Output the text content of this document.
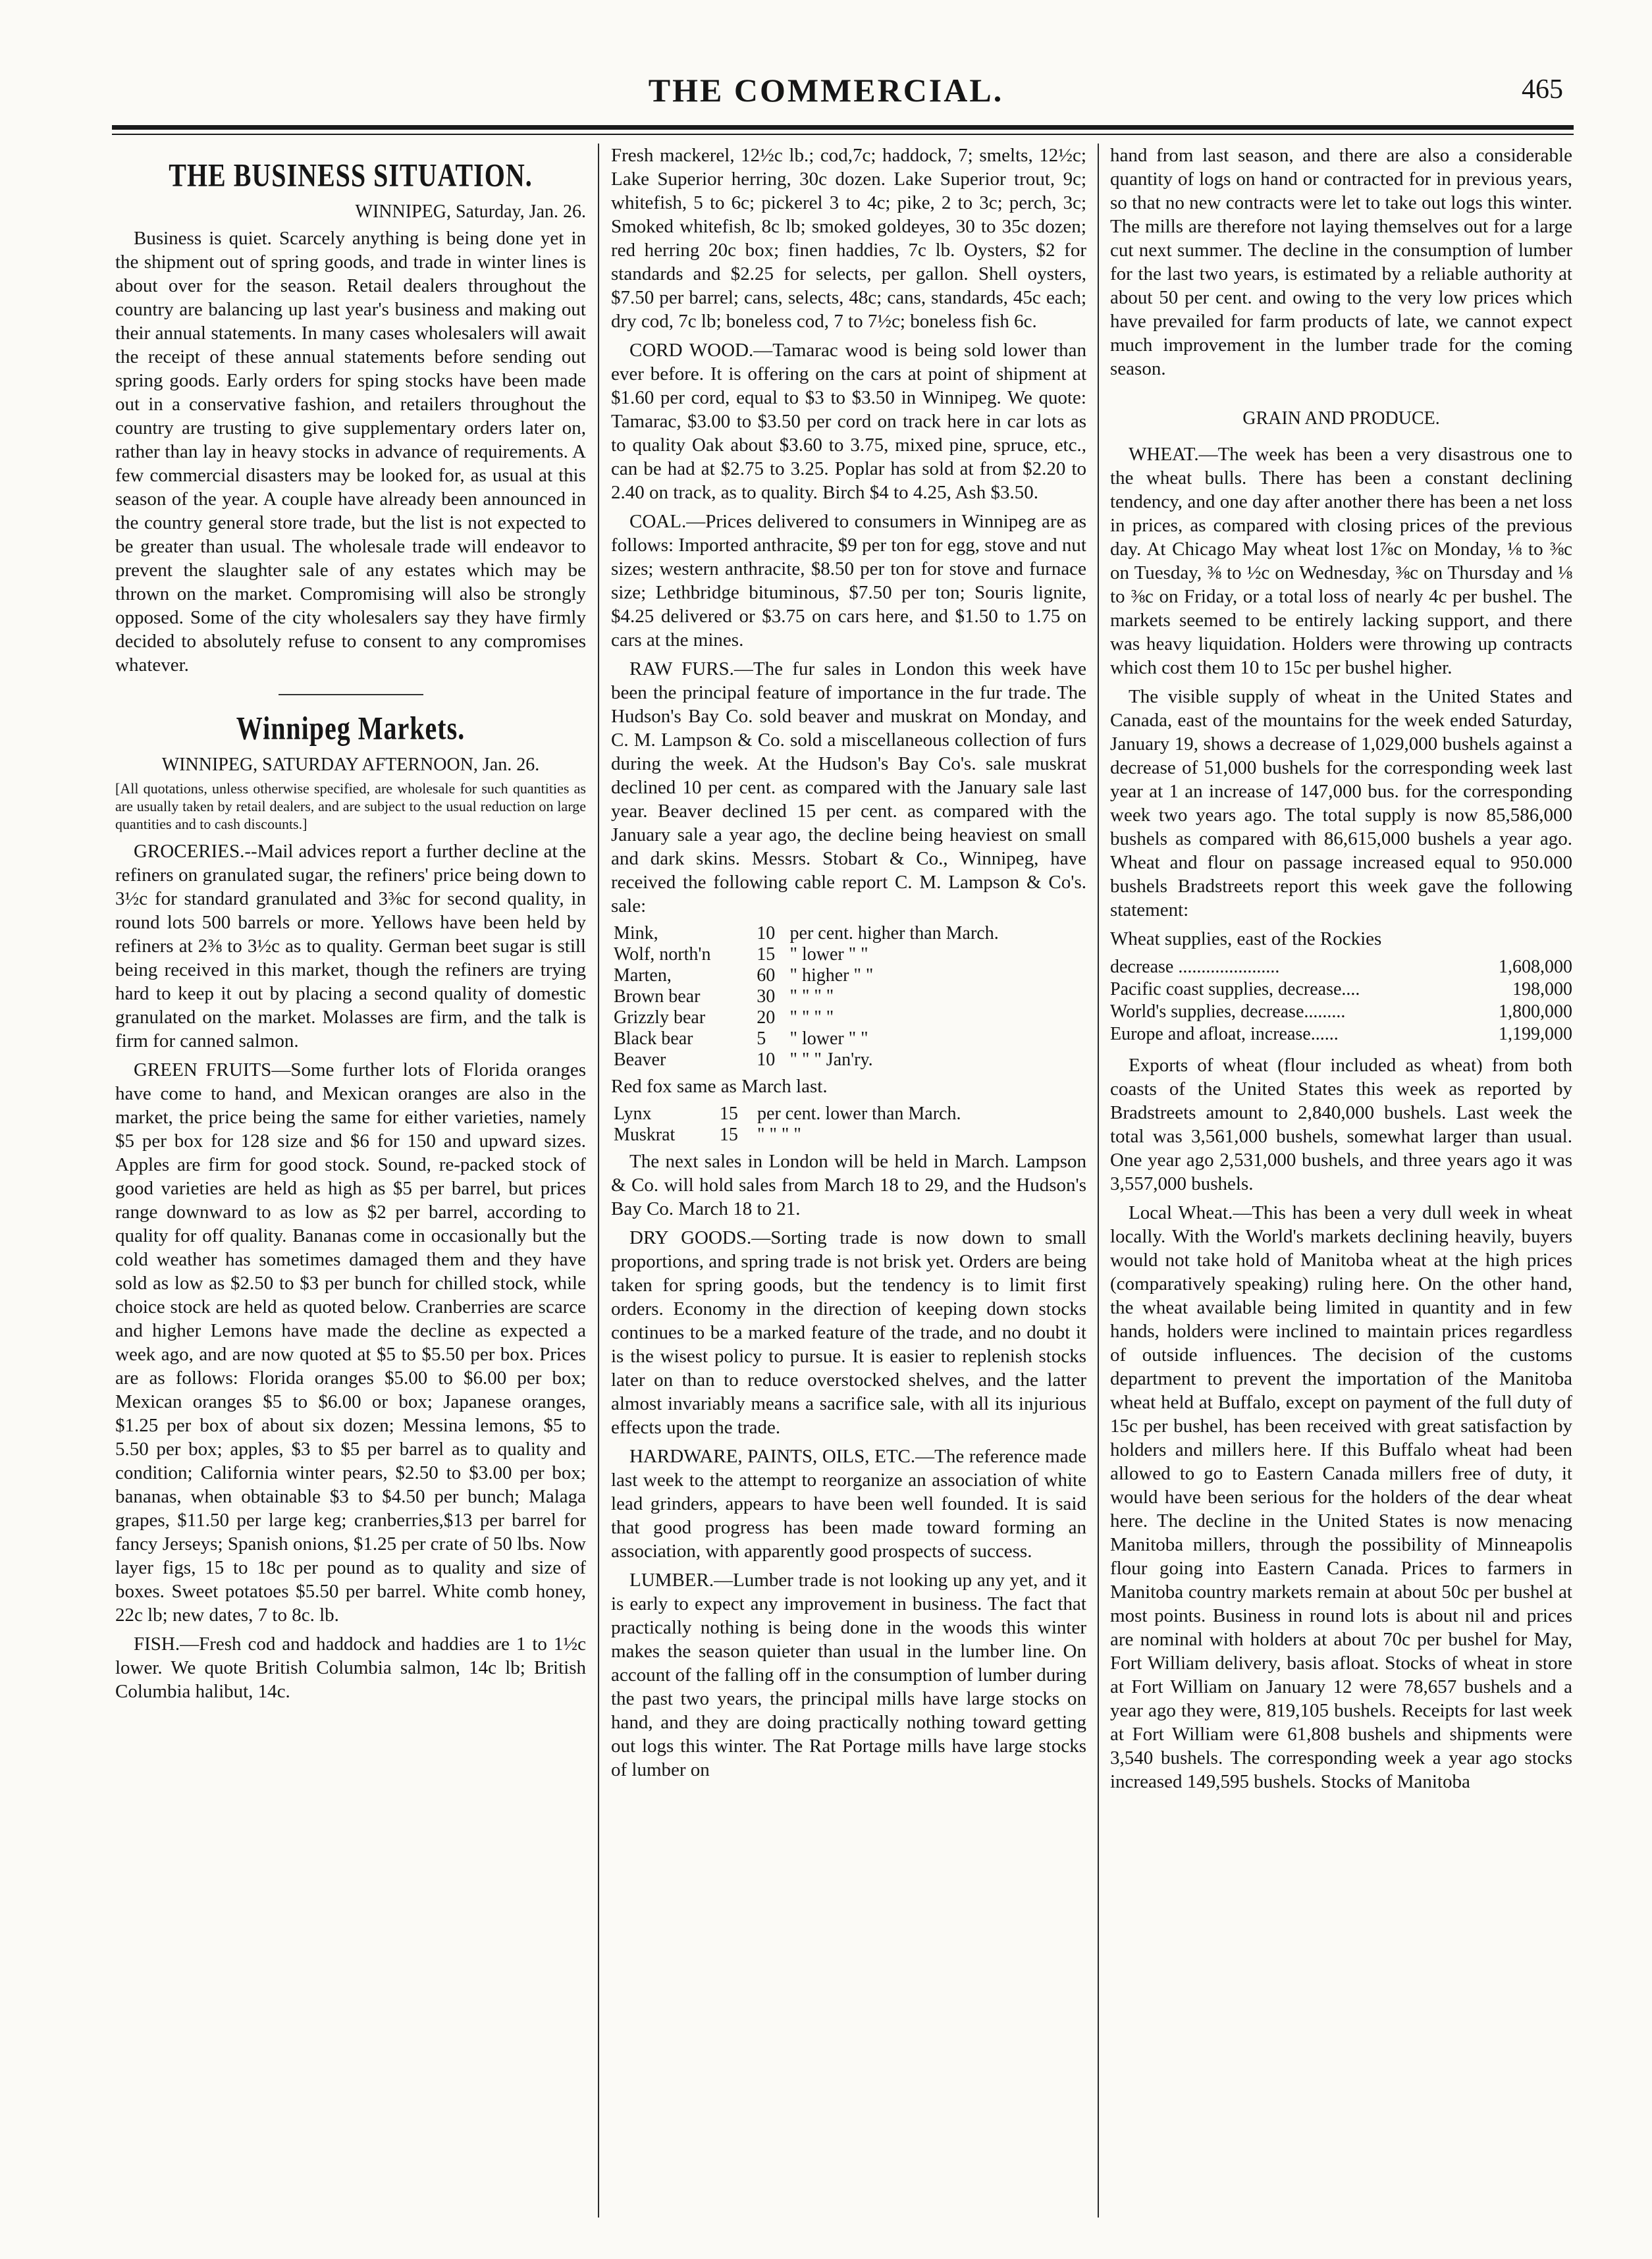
THE COMMERCIAL.	465
THE BUSINESS SITUATION.
WINNIPEG, Saturday, Jan. 26.

Business is quiet. Scarcely anything is being done yet in the shipment out of spring goods, and trade in winter lines is about over for the season. Retail dealers throughout the country are balancing up last year's business and making out their annual statements. In many cases wholesalers will await the receipt of these annual statements before sending out spring goods. Early orders for sping stocks have been made out in a conservative fashion, and retailers throughout the country are trusting to give supplementary orders later on, rather than lay in heavy stocks in advance of requirements. A few commercial disasters may be looked for, as usual at this season of the year. A couple have already been announced in the country general store trade, but the list is not expected to be greater than usual. The wholesale trade will endeavor to prevent the slaughter sale of any estates which may be thrown on the market. Compromising will also be strongly opposed. Some of the city wholesalers say they have firmly decided to absolutely refuse to consent to any compromises whatever.

Winnipeg Markets.
WINNIPEG, SATURDAY AFTERNOON, Jan. 26.
[All quotations, unless otherwise specified, are wholesale for such quantities as are usually taken by retail dealers, and are subject to the usual reduction on large quantities and to cash discounts.]

GROCERIES.--Mail advices report a further decline at the refiners on granulated sugar, the refiners' price being down to 3½c for standard granulated and 3⅜c for second quality, in round lots 500 barrels or more. Yellows have been held by refiners at 2⅜ to 3½c as to quality. German beet sugar is still being received in this market, though the refiners are trying hard to keep it out by placing a second quality of domestic granulated on the market. Molasses are firm, and the talk is firm for canned salmon.

GREEN FRUITS—Some further lots of Florida oranges have come to hand, and Mexican oranges are also in the market, the price being the same for either varieties, namely $5 per box for 128 size and $6 for 150 and upward sizes. Apples are firm for good stock. Sound, re-packed stock of good varieties are held as high as $5 per barrel, but prices range downward to as low as $2 per barrel, according to quality for off quality. Bananas come in occasionally but the cold weather has sometimes damaged them and they have sold as low as $2.50 to $3 per bunch for chilled stock, while choice stock are held as quoted below. Cranberries are scarce and higher Lemons have made the decline as expected a week ago, and are now quoted at $5 to $5.50 per box. Prices are as follows: Florida oranges $5.00 to $6.00 per box; Mexican oranges $5 to $6.00 or box; Japanese oranges, $1.25 per box of about six dozen; Messina lemons, $5 to 5.50 per box; apples, $3 to $5 per barrel as to quality and condition; California winter pears, $2.50 to $3.00 per box; bananas, when obtainable $3 to $4.50 per bunch; Malaga grapes, $11.50 per large keg; cranberries,$13 per barrel for fancy Jerseys; Spanish onions, $1.25 per crate of 50 lbs. Now layer figs, 15 to 18c per pound as to quality and size of boxes. Sweet potatoes $5.50 per barrel. White comb honey, 22c lb; new dates, 7 to 8c. lb.

FISH.—Fresh cod and haddock and haddies are 1 to 1½c lower. We quote British Columbia salmon, 14c lb; British Columbia halibut, 14c.

Fresh mackerel, 12½c lb.; cod,7c; haddock, 7; smelts, 12½c; Lake Superior herring, 30c dozen. Lake Superior trout, 9c; whitefish, 5 to 6c; pickerel 3 to 4c; pike, 2 to 3c; perch, 3c; Smoked whitefish, 8c lb; smoked goldeyes, 30 to 35c dozen; red herring 20c box; finen haddies, 7c lb. Oysters, $2 for standards and $2.25 for selects, per gallon. Shell oysters, $7.50 per barrel; cans, selects, 48c; cans, standards, 45c each; dry cod, 7c lb; boneless cod, 7 to 7½c; boneless fish 6c.

CORD WOOD.—Tamarac wood is being sold lower than ever before. It is offering on the cars at point of shipment at $1.60 per cord, equal to $3 to $3.50 in Winnipeg. We quote: Tamarac, $3.00 to $3.50 per cord on track here in car lots as to quality Oak about $3.60 to 3.75, mixed pine, spruce, etc., can be had at $2.75 to 3.25. Poplar has sold at from $2.20 to 2.40 on track, as to quality. Birch $4 to 4.25, Ash $3.50.

COAL.—Prices delivered to consumers in Winnipeg are as follows: Imported anthracite, $9 per ton for egg, stove and nut sizes; western anthracite, $8.50 per ton for stove and furnace size; Lethbridge bituminous, $7.50 per ton; Souris lignite, $4.25 delivered or $3.75 on cars here, and $1.50 to 1.75 on cars at the mines.

RAW FURS.—The fur sales in London this week have been the principal feature of importance in the fur trade. The Hudson's Bay Co. sold beaver and muskrat on Monday, and C. M. Lampson & Co. sold a miscellaneous collection of furs during the week. At the Hudson's Bay Co's. sale muskrat declined 10 per cent. as compared with the January sale last year. Beaver declined 15 per cent. as compared with the January sale a year ago, the decline being heaviest on small and dark skins. Messrs. Stobart & Co., Winnipeg, have received the following cable report C. M. Lampson & Co's. sale:

Mink,	10	per cent. higher than March.
Wolf, north'n	15	" lower " "
Marten,	60	" higher " "
Brown bear	30	" " " "
Grizzly bear	20	" " " "
Black bear	5	" lower " "
Beaver	10	" " " Jan'ry.

Red fox same as March last.

Lynx	15	per cent. lower than March.
Muskrat	15	" " " "

The next sales in London will be held in March. Lampson & Co. will hold sales from March 18 to 29, and the Hudson's Bay Co. March 18 to 21.

DRY GOODS.—Sorting trade is now down to small proportions, and spring trade is not brisk yet. Orders are being taken for spring goods, but the tendency is to limit first orders. Economy in the direction of keeping down stocks continues to be a marked feature of the trade, and no doubt it is the wisest policy to pursue. It is easier to replenish stocks later on than to reduce overstocked shelves, and the latter almost invariably means a sacrifice sale, with all its injurious effects upon the trade.

HARDWARE, PAINTS, OILS, ETC.—The reference made last week to the attempt to reorganize an association of white lead grinders, appears to have been well founded. It is said that good progress has been made toward forming an association, with apparently good prospects of success.

LUMBER.—Lumber trade is not looking up any yet, and it is early to expect any improvement in business. The fact that practically nothing is being done in the woods this winter makes the season quieter than usual in the lumber line. On account of the falling off in the consumption of lumber during the past two years, the principal mills have large stocks on hand, and they are doing practically nothing toward getting out logs this winter. The Rat Portage mills have large stocks of lumber on

hand from last season, and there are also a considerable quantity of logs on hand or contracted for in previous years, so that no new contracts were let to take out logs this winter. The mills are therefore not laying themselves out for a large cut next summer. The decline in the consumption of lumber for the last two years, is estimated by a reliable authority at about 50 per cent. and owing to the very low prices which have prevailed for farm products of late, we cannot expect much improvement in the lumber trade for the coming season.

GRAIN AND PRODUCE.

WHEAT.—The week has been a very disastrous one to the wheat bulls. There has been a constant declining tendency, and one day after another there has been a net loss in prices, as compared with closing prices of the previous day. At Chicago May wheat lost 1⅞c on Monday, ⅛ to ⅜c on Tuesday, ⅜ to ½c on Wednesday, ⅜c on Thursday and ⅛ to ⅜c on Friday, or a total loss of nearly 4c per bushel. The markets seemed to be entirely lacking support, and there was heavy liquidation. Holders were throwing up contracts which cost them 10 to 15c per bushel higher.

The visible supply of wheat in the United States and Canada, east of the mountains for the week ended Saturday, January 19, shows a decrease of 1,029,000 bushels against a decrease of 51,000 bushels for the corresponding week last year at 1 an increase of 147,000 bus. for the corresponding week two years ago. The total supply is now 85,586,000 bushels as compared with 86,615,000 bushels a year ago. Wheat and flour on passage increased equal to 950.000 bushels Bradstreets report this week gave the following statement:

Wheat supplies, east of the Rockies

decrease ......................	1,608,000
Pacific coast supplies, decrease....	198,000
World's supplies, decrease.........	1,800,000
Europe and afloat, increase......	1,199,000

Exports of wheat (flour included as wheat) from both coasts of the United States this week as reported by Bradstreets amount to 2,840,000 bushels. Last week the total was 3,561,000 bushels, somewhat larger than usual. One year ago 2,531,000 bushels, and three years ago it was 3,557,000 bushels.

Local Wheat.—This has been a very dull week in wheat locally. With the World's markets declining heavily, buyers would not take hold of Manitoba wheat at the high prices (comparatively speaking) ruling here. On the other hand, the wheat available being limited in quantity and in few hands, holders were inclined to maintain prices regardless of outside influences. The decision of the customs department to prevent the importation of the Manitoba wheat held at Buffalo, except on payment of the full duty of 15c per bushel, has been received with great satisfaction by holders and millers here. If this Buffalo wheat had been allowed to go to Eastern Canada millers free of duty, it would have been serious for the holders of the dear wheat here. The decline in the United States is now menacing Manitoba millers, through the possibility of Minneapolis flour going into Eastern Canada. Prices to farmers in Manitoba country markets remain at about 50c per bushel at most points. Business in round lots is about nil and prices are nominal with holders at about 70c per bushel for May, Fort William delivery, basis afloat. Stocks of wheat in store at Fort William on January 12 were 78,657 bushels and a year ago they were, 819,105 bushels. Receipts for last week at Fort William were 61,808 bushels and shipments were 3,540 bushels. The corresponding week a year ago stocks increased 149,595 bushels. Stocks of Manitoba
